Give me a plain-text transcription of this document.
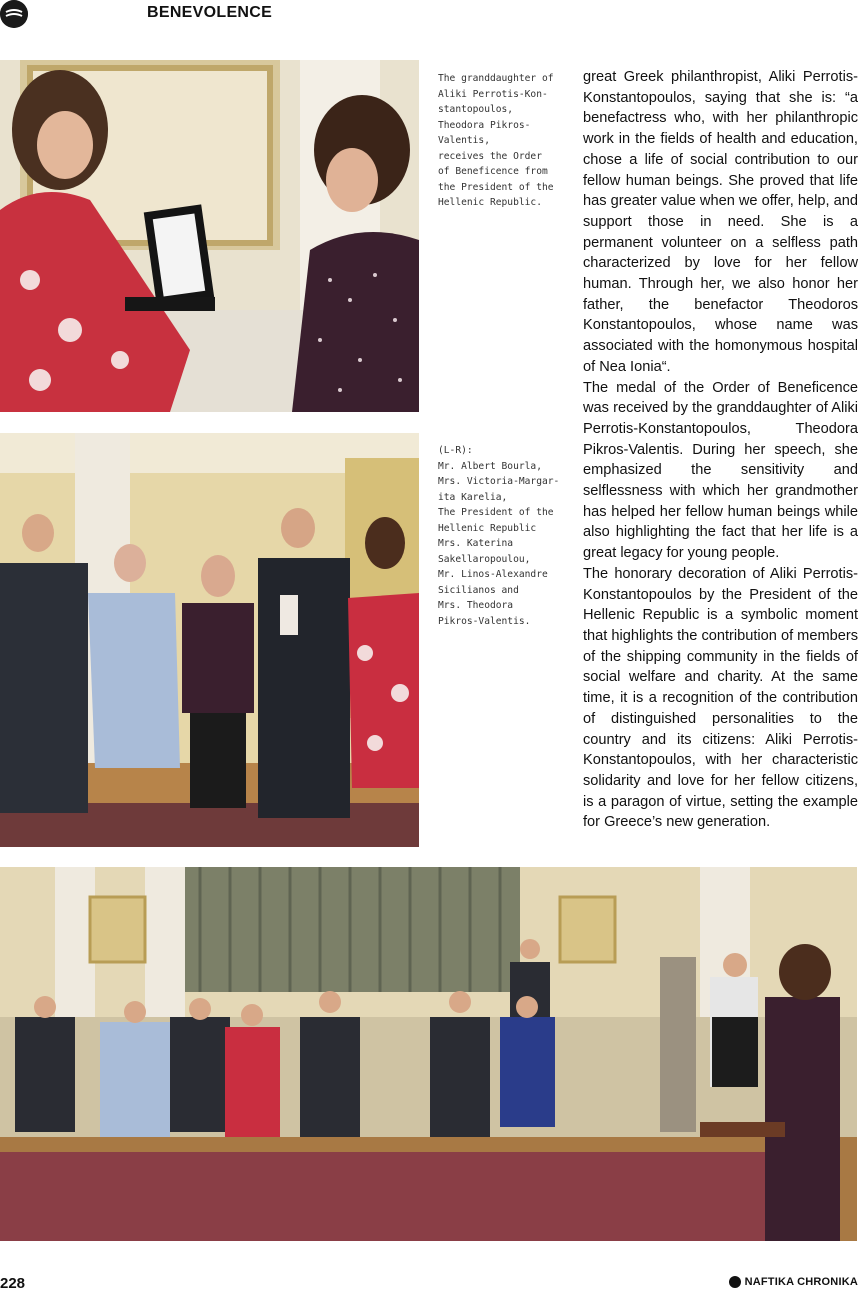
BENEVOLENCE

The granddaughter of

Aliki Perrotis-Kon-

stantopoulos,

Theodora Pikros-Valentis,

receives the Order

of Beneficence from

the President of the

Hellenic Republic.

(L-R):

Mr. Albert Bourla,

Mrs. Victoria-Margar-

ita Karelia,

The President of the

Hellenic Republic

Mrs. Katerina

Sakellaropoulou,

Mr. Linos-Alexandre

Sicilianos and

Mrs. Theodora

Pikros-Valentis.

great Greek philanthropist, Aliki Perrotis-Konstantopoulos, saying that she is: “a benefactress who, with her philanthropic work in the fields of health and education, chose a life of social contribution to our fellow human beings. She proved that life has greater value when we offer, help, and support those in need. She is a permanent volunteer on a selfless path characterized by love for her fellow human. Through her, we also honor her father, the benefactor Theodoros Konstantopoulos, whose name was associated with the homonymous hospital of Nea Ionia“.

The medal of the Order of Beneficence was received by the granddaughter of Aliki Perrotis-Konstantopoulos, Theodora Pikros-Valentis. During her speech, she emphasized the sensitivity and selflessness with which her grandmother has helped her fellow human beings while also highlighting the fact that her life is a great legacy for young people.

The honorary decoration of Aliki Perrotis-Konstantopoulos by the President of the Hellenic Republic is a symbolic moment that highlights the contribution of members of the shipping community in the fields of social welfare and charity. At the same time, it is a recognition of the contribution of distinguished personalities to the country and its citizens: Aliki Perrotis-Konstantopoulos, with her characteristic solidarity and love for her fellow citizens, is a paragon of virtue, setting the example for Greece’s new generation.

228	NAFTIKA CHRONIKA
